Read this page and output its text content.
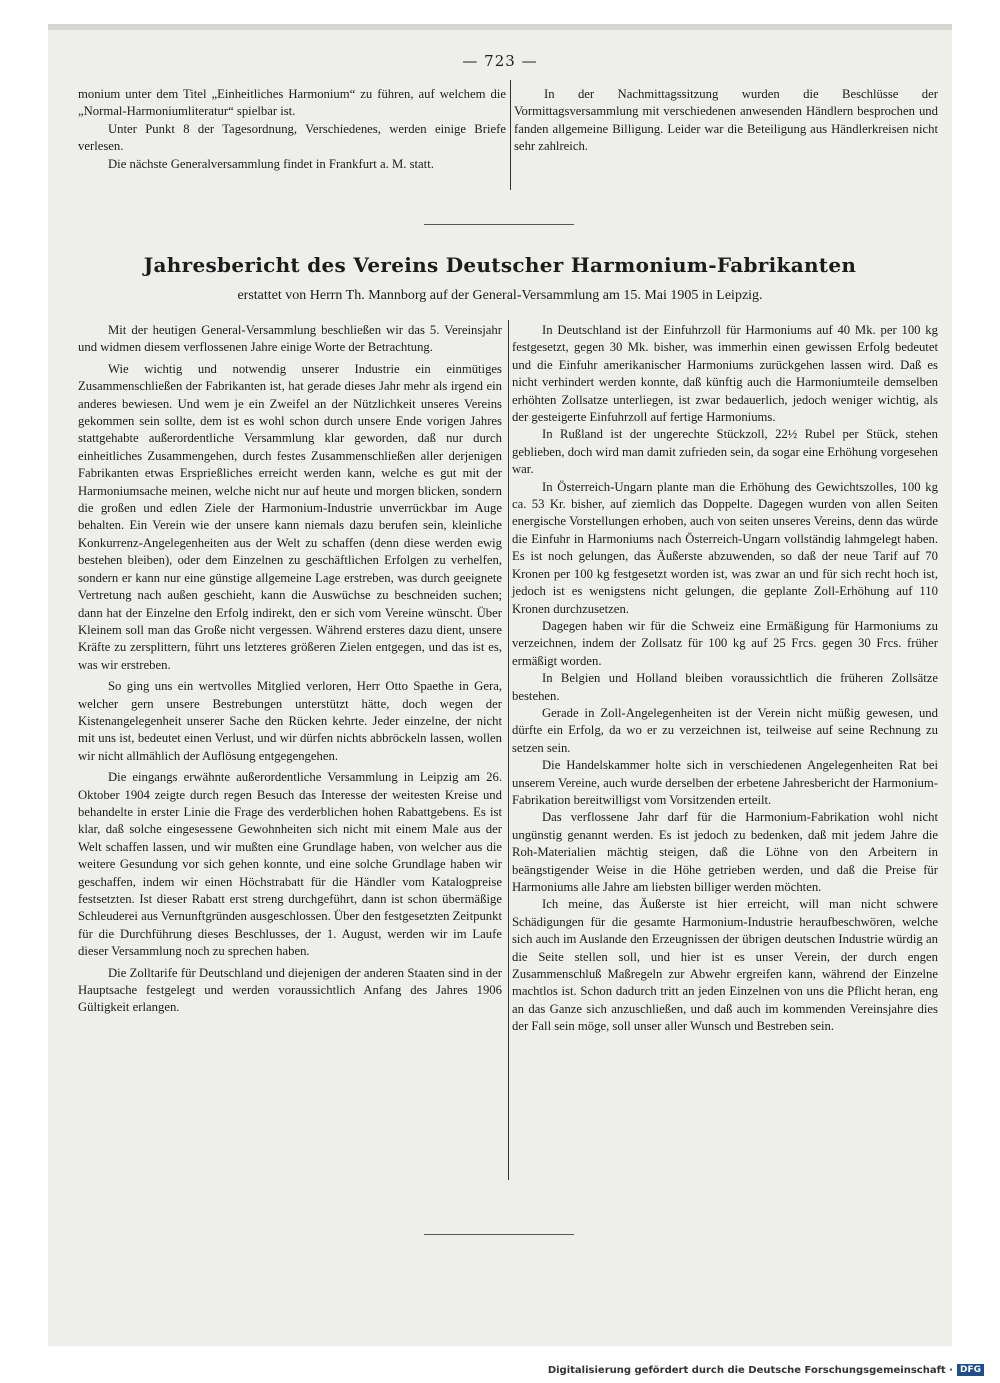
— 723 —

monium unter dem Titel „Einheitliches Harmonium“ zu führen, auf welchem die „Normal-Harmoniumliteratur“ spielbar ist.

Unter Punkt 8 der Tagesordnung, Verschiedenes, werden einige Briefe verlesen.

Die nächste Generalversammlung findet in Frankfurt a. M. statt.

In der Nachmittagssitzung wurden die Beschlüsse der Vormittagsversammlung mit verschiedenen anwesenden Händlern besprochen und fanden allgemeine Billigung. Leider war die Beteiligung aus Händlerkreisen nicht sehr zahlreich.

Jahresbericht des Vereins Deutscher Harmonium-Fabrikanten
erstattet von Herrn Th. Mannborg auf der General-Versammlung am 15. Mai 1905 in Leipzig.

Mit der heutigen General-Versammlung beschließen wir das 5. Vereinsjahr und widmen diesem verflossenen Jahre einige Worte der Betrachtung.

Wie wichtig und notwendig unserer Industrie ein einmütiges Zusammenschließen der Fabrikanten ist, hat gerade dieses Jahr mehr als irgend ein anderes bewiesen. Und wem je ein Zweifel an der Nützlichkeit unseres Vereins gekommen sein sollte, dem ist es wohl schon durch unsere Ende vorigen Jahres stattgehabte außerordentliche Versammlung klar geworden, daß nur durch einheitliches Zusammengehen, durch festes Zusammenschließen aller derjenigen Fabrikanten etwas Ersprießliches erreicht werden kann, welche es gut mit der Harmoniumsache meinen, welche nicht nur auf heute und morgen blicken, sondern die großen und edlen Ziele der Harmonium-Industrie unverrückbar im Auge behalten. Ein Verein wie der unsere kann niemals dazu berufen sein, kleinliche Konkurrenz-Angelegenheiten aus der Welt zu schaffen (denn diese werden ewig bestehen bleiben), oder dem Einzelnen zu geschäftlichen Erfolgen zu verhelfen, sondern er kann nur eine günstige allgemeine Lage erstreben, was durch geeignete Vertretung nach außen geschieht, kann die Auswüchse zu beschneiden suchen; dann hat der Einzelne den Erfolg indirekt, den er sich vom Vereine wünscht. Über Kleinem soll man das Große nicht vergessen. Während ersteres dazu dient, unsere Kräfte zu zersplittern, führt uns letzteres größeren Zielen entgegen, und das ist es, was wir erstreben.

So ging uns ein wertvolles Mitglied verloren, Herr Otto Spaethe in Gera, welcher gern unsere Bestrebungen unterstützt hätte, doch wegen der Kistenangelegenheit unserer Sache den Rücken kehrte. Jeder einzelne, der nicht mit uns ist, bedeutet einen Verlust, und wir dürfen nichts abbröckeln lassen, wollen wir nicht allmählich der Auflösung entgegengehen.

Die eingangs erwähnte außerordentliche Versammlung in Leipzig am 26. Oktober 1904 zeigte durch regen Besuch das Interesse der weitesten Kreise und behandelte in erster Linie die Frage des verderblichen hohen Rabattgebens. Es ist klar, daß solche eingesessene Gewohnheiten sich nicht mit einem Male aus der Welt schaffen lassen, und wir mußten eine Grundlage haben, von welcher aus die weitere Gesundung vor sich gehen konnte, und eine solche Grundlage haben wir geschaffen, indem wir einen Höchstrabatt für die Händler vom Katalogpreise festsetzten. Ist dieser Rabatt erst streng durchgeführt, dann ist schon übermäßige Schleuderei aus Vernunftgründen ausgeschlossen. Über den festgesetzten Zeitpunkt für die Durchführung dieses Beschlusses, der 1. August, werden wir im Laufe dieser Versammlung noch zu sprechen haben.

Die Zolltarife für Deutschland und diejenigen der anderen Staaten sind in der Hauptsache festgelegt und werden voraussichtlich Anfang des Jahres 1906 Gültigkeit erlangen.

In Deutschland ist der Einfuhrzoll für Harmoniums auf 40 Mk. per 100 kg festgesetzt, gegen 30 Mk. bisher, was immerhin einen gewissen Erfolg bedeutet und die Einfuhr amerikanischer Harmoniums zurückgehen lassen wird. Daß es nicht verhindert werden konnte, daß künftig auch die Harmoniumteile demselben erhöhten Zollsatze unterliegen, ist zwar bedauerlich, jedoch weniger wichtig, als der gesteigerte Einfuhrzoll auf fertige Harmoniums.

In Rußland ist der ungerechte Stückzoll, 22½ Rubel per Stück, stehen geblieben, doch wird man damit zufrieden sein, da sogar eine Erhöhung vorgesehen war.

In Österreich-Ungarn plante man die Erhöhung des Gewichtszolles, 100 kg ca. 53 Kr. bisher, auf ziemlich das Doppelte. Dagegen wurden von allen Seiten energische Vorstellungen erhoben, auch von seiten unseres Vereins, denn das würde die Einfuhr in Harmoniums nach Österreich-Ungarn vollständig lahmgelegt haben. Es ist noch gelungen, das Äußerste abzuwenden, so daß der neue Tarif auf 70 Kronen per 100 kg festgesetzt worden ist, was zwar an und für sich recht hoch ist, jedoch ist es wenigstens nicht gelungen, die geplante Zoll-Erhöhung auf 110 Kronen durchzusetzen.

Dagegen haben wir für die Schweiz eine Ermäßigung für Harmoniums zu verzeichnen, indem der Zollsatz für 100 kg auf 25 Frcs. gegen 30 Frcs. früher ermäßigt worden.

In Belgien und Holland bleiben voraussichtlich die früheren Zollsätze bestehen.

Gerade in Zoll-Angelegenheiten ist der Verein nicht müßig gewesen, und dürfte ein Erfolg, da wo er zu verzeichnen ist, teilweise auf seine Rechnung zu setzen sein.

Die Handelskammer holte sich in verschiedenen Angelegenheiten Rat bei unserem Vereine, auch wurde derselben der erbetene Jahresbericht der Harmonium-Fabrikation bereitwilligst vom Vorsitzenden erteilt.

Das verflossene Jahr darf für die Harmonium-Fabrikation wohl nicht ungünstig genannt werden. Es ist jedoch zu bedenken, daß mit jedem Jahre die Roh-Materialien mächtig steigen, daß die Löhne von den Arbeitern in beängstigender Weise in die Höhe getrieben werden, und daß die Preise für Harmoniums alle Jahre am liebsten billiger werden möchten.

Ich meine, das Äußerste ist hier erreicht, will man nicht schwere Schädigungen für die gesamte Harmonium-Industrie heraufbeschwören, welche sich auch im Auslande den Erzeugnissen der übrigen deutschen Industrie würdig an die Seite stellen soll, und hier ist es unser Verein, der durch engen Zusammenschluß Maßregeln zur Abwehr ergreifen kann, während der Einzelne machtlos ist. Schon dadurch tritt an jeden Einzelnen von uns die Pflicht heran, eng an das Ganze sich anzuschließen, und daß auch im kommenden Vereinsjahre dies der Fall sein möge, soll unser aller Wunsch und Bestreben sein.

Digitalisierung gefördert durch die Deutsche Forschungsgemeinschaft · DFG
